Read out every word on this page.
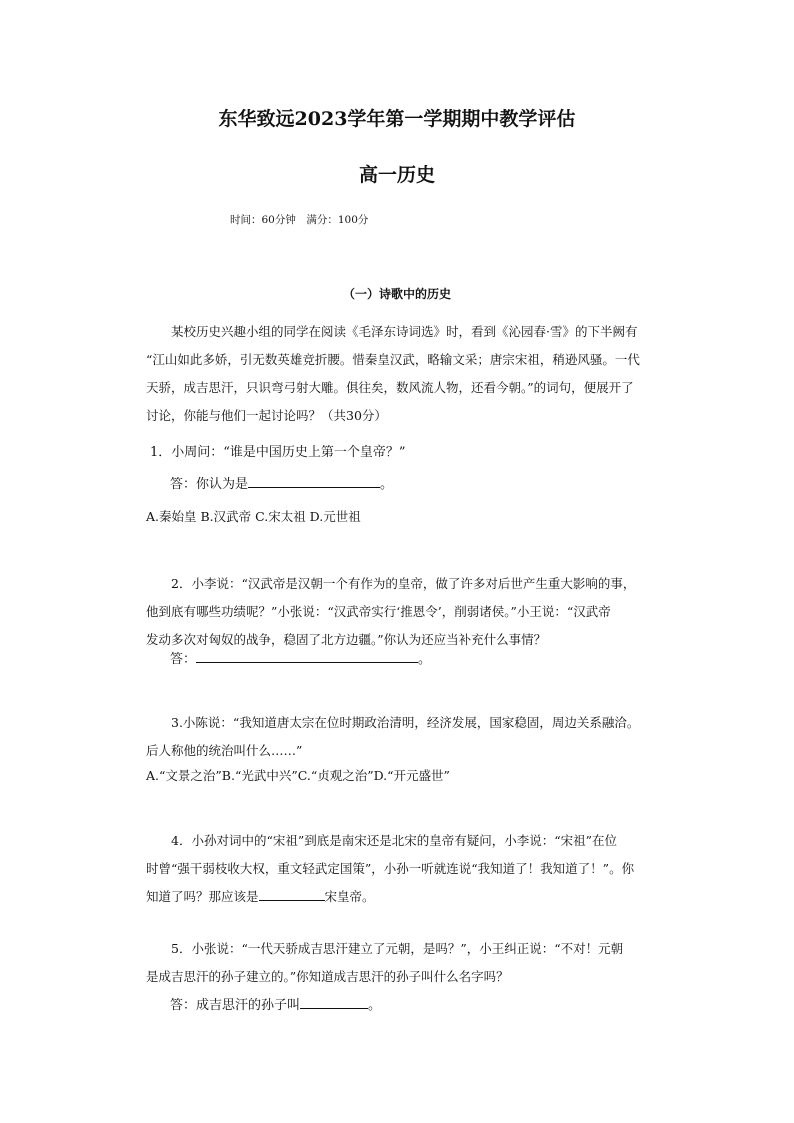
东华致远2023学年第一学期期中教学评估
高一历史
时间：60分钟　满分：100分
（一）诗歌中的历史

某校历史兴趣小组的同学在阅读《毛泽东诗词选》时，看到《沁园春·雪》的下半阙有

“江山如此多娇，引无数英雄竞折腰。惜秦皇汉武，略输文采；唐宗宋祖，稍逊风骚。一代

天骄，成吉思汗，只识弯弓射大雕。俱往矣，数风流人物，还看今朝。”的词句，便展开了

讨论，你能与他们一起讨论吗？（共30分）

1．小周问：“谁是中国历史上第一个皇帝？”
答：你认为是	。
A.秦始皇 B.汉武帝 C.宋太祖 D.元世祖

2．小李说：“汉武帝是汉朝一个有作为的皇帝，做了许多对后世产生重大影响的事，

他到底有哪些功绩呢？”小张说：“汉武帝实行‘推恩令’，削弱诸侯。”小王说：“汉武帝

发动多次对匈奴的战争，稳固了北方边疆。”你认为还应当补充什么事情？

答：	。

3.小陈说：“我知道唐太宗在位时期政治清明，经济发展，国家稳固，周边关系融洽。

后人称他的统治叫什么……”

A.“文景之治”B.“光武中兴”C.“贞观之治”D.“开元盛世”

4．小孙对词中的“宋祖”到底是南宋还是北宋的皇帝有疑问，小李说：“宋祖”在位

时曾“强干弱枝收大权，重文轻武定国策”，小孙一听就连说“我知道了！我知道了！”。你

知道了吗？那应该是	宋皇帝。

5．小张说：“一代天骄成吉思汗建立了元朝，是吗？”，小王纠正说：“不对！元朝

是成吉思汗的孙子建立的。”你知道成吉思汗的孙子叫什么名字吗？

答：成吉思汗的孙子叫	。
